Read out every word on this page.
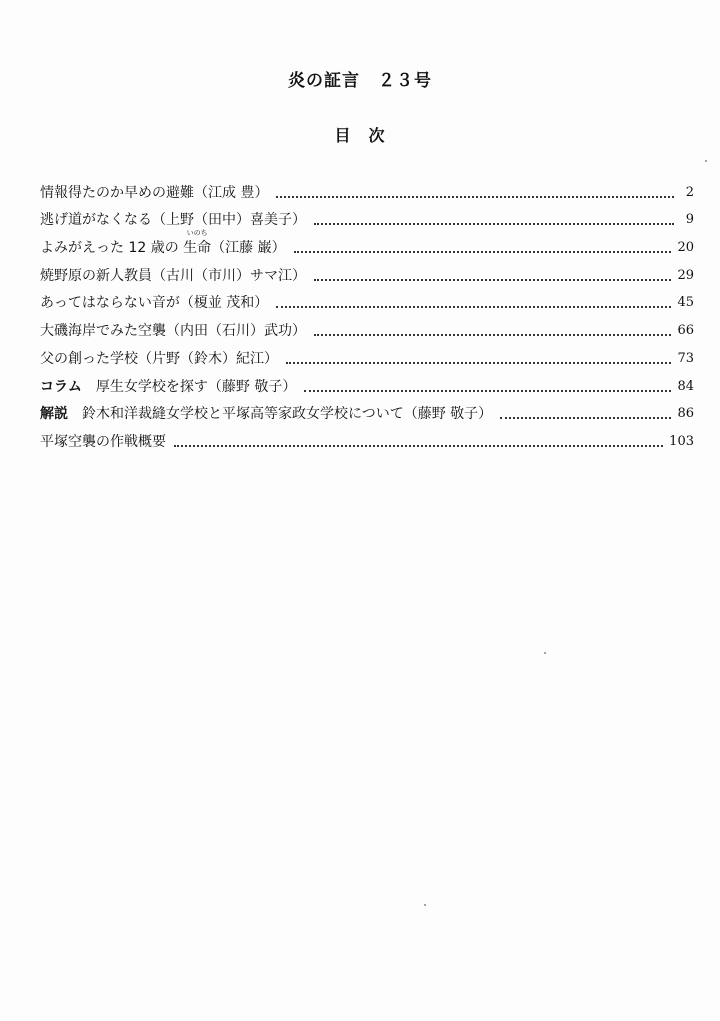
炎の証言　２３号
目　次
情報得たのか早めの避難（江成 豊）	2
逃げ道がなくなる（上野（田中）喜美子）	9
よみがえった 12 歳の
いのち
生命（江藤 巌）	20
焼野原の新人教員（古川（市川）サマ江）	29
あってはならない音が（榎並 茂和）	45
大磯海岸でみた空襲（内田（石川）武功）	66
父の創った学校（片野（鈴木）紀江）	73
コラム 厚生女学校を探す（藤野 敬子）	84
解説 鈴木和洋裁縫女学校と平塚高等家政女学校について（藤野 敬子）	86
平塚空襲の作戦概要	103
